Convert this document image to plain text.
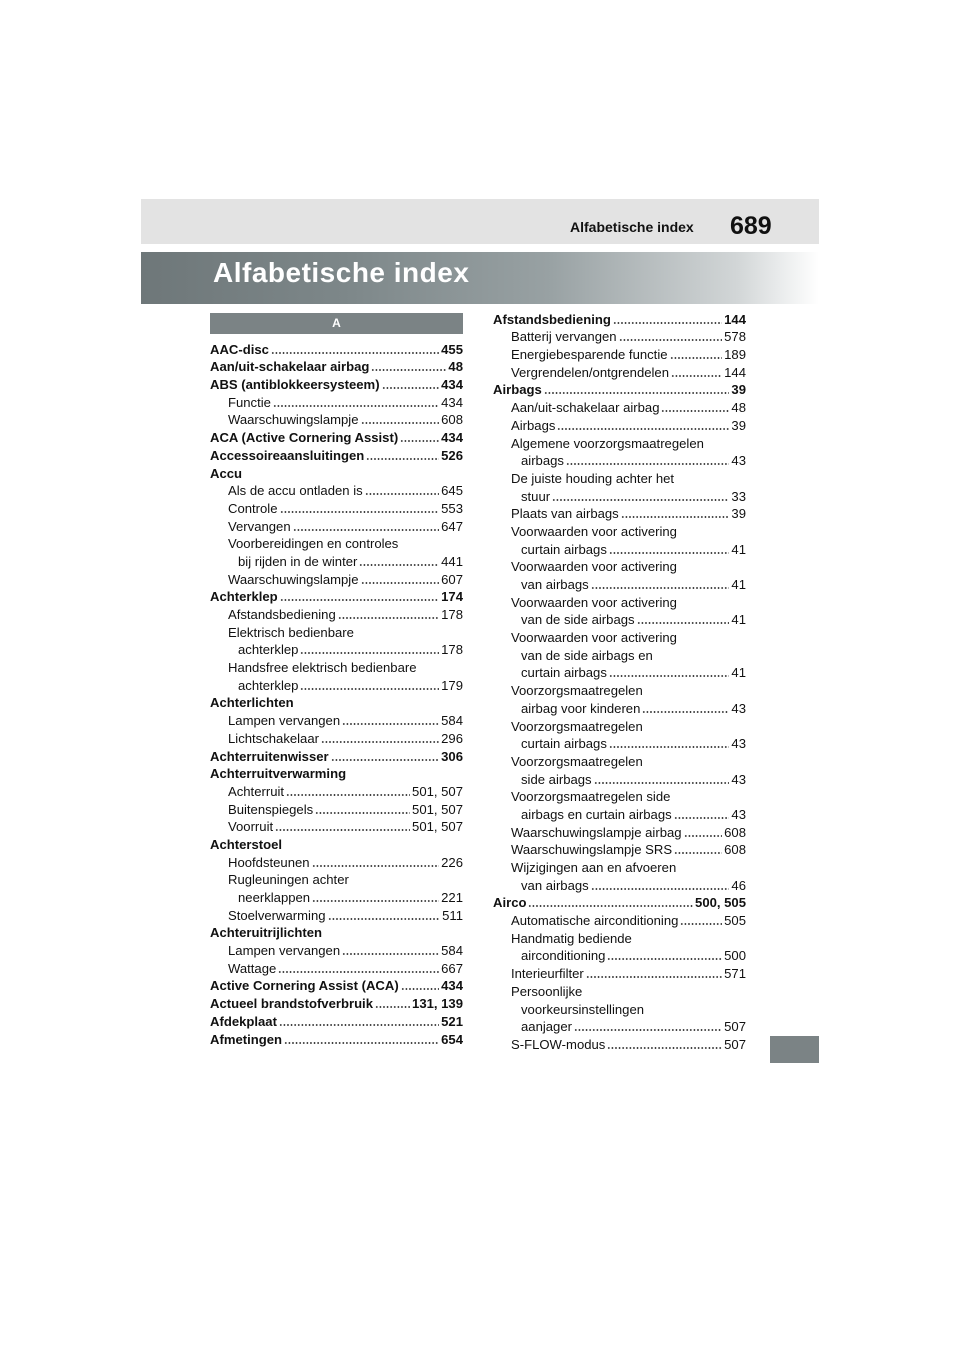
Alfabetische index 689
Alfabetische index
A
AAC-disc	455
Aan/uit-schakelaar airbag	48
ABS (antiblokkeersysteem)	434
Functie	434
Waarschuwingslampje	608
ACA (Active Cornering Assist)	434
Accessoireaansluitingen	526
Accu
Als de accu ontladen is	645
Controle	553
Vervangen	647
Voorbereidingen en controles
bij rijden in de winter	441
Waarschuwingslampje	607
Achterklep	174
Afstandsbediening	178
Elektrisch bedienbare
achterklep	178
Handsfree elektrisch bedienbare
achterklep	179
Achterlichten
Lampen vervangen	584
Lichtschakelaar	296
Achterruitenwisser	306
Achterruitverwarming
Achterruit	501, 507
Buitenspiegels	501, 507
Voorruit	501, 507
Achterstoel
Hoofdsteunen	226
Rugleuningen achter
neerklappen	221
Stoelverwarming	511
Achteruitrijlichten
Lampen vervangen	584
Wattage	667
Active Cornering Assist (ACA)	434
Actueel brandstofverbruik	131, 139
Afdekplaat	521
Afmetingen	654
Afstandsbediening	144
Batterij vervangen	578
Energiebesparende functie	189
Vergrendelen/ontgrendelen	144
Airbags	39
Aan/uit-schakelaar airbag	48
Airbags	39
Algemene voorzorgsmaatregelen
airbags	43
De juiste houding achter het
stuur	33
Plaats van airbags	39
Voorwaarden voor activering
curtain airbags	41
Voorwaarden voor activering
van airbags	41
Voorwaarden voor activering
van de side airbags	41
Voorwaarden voor activering
van de side airbags en
curtain airbags	41
Voorzorgsmaatregelen
airbag voor kinderen	43
Voorzorgsmaatregelen
curtain airbags	43
Voorzorgsmaatregelen
side airbags	43
Voorzorgsmaatregelen side
airbags en curtain airbags	43
Waarschuwingslampje airbag	608
Waarschuwingslampje SRS	608
Wijzigingen aan en afvoeren
van airbags	46
Airco	500, 505
Automatische airconditioning	505
Handmatig bediende
airconditioning	500
Interieurfilter	571
Persoonlijke
voorkeursinstellingen
aanjager	507
S-FLOW-modus	507
